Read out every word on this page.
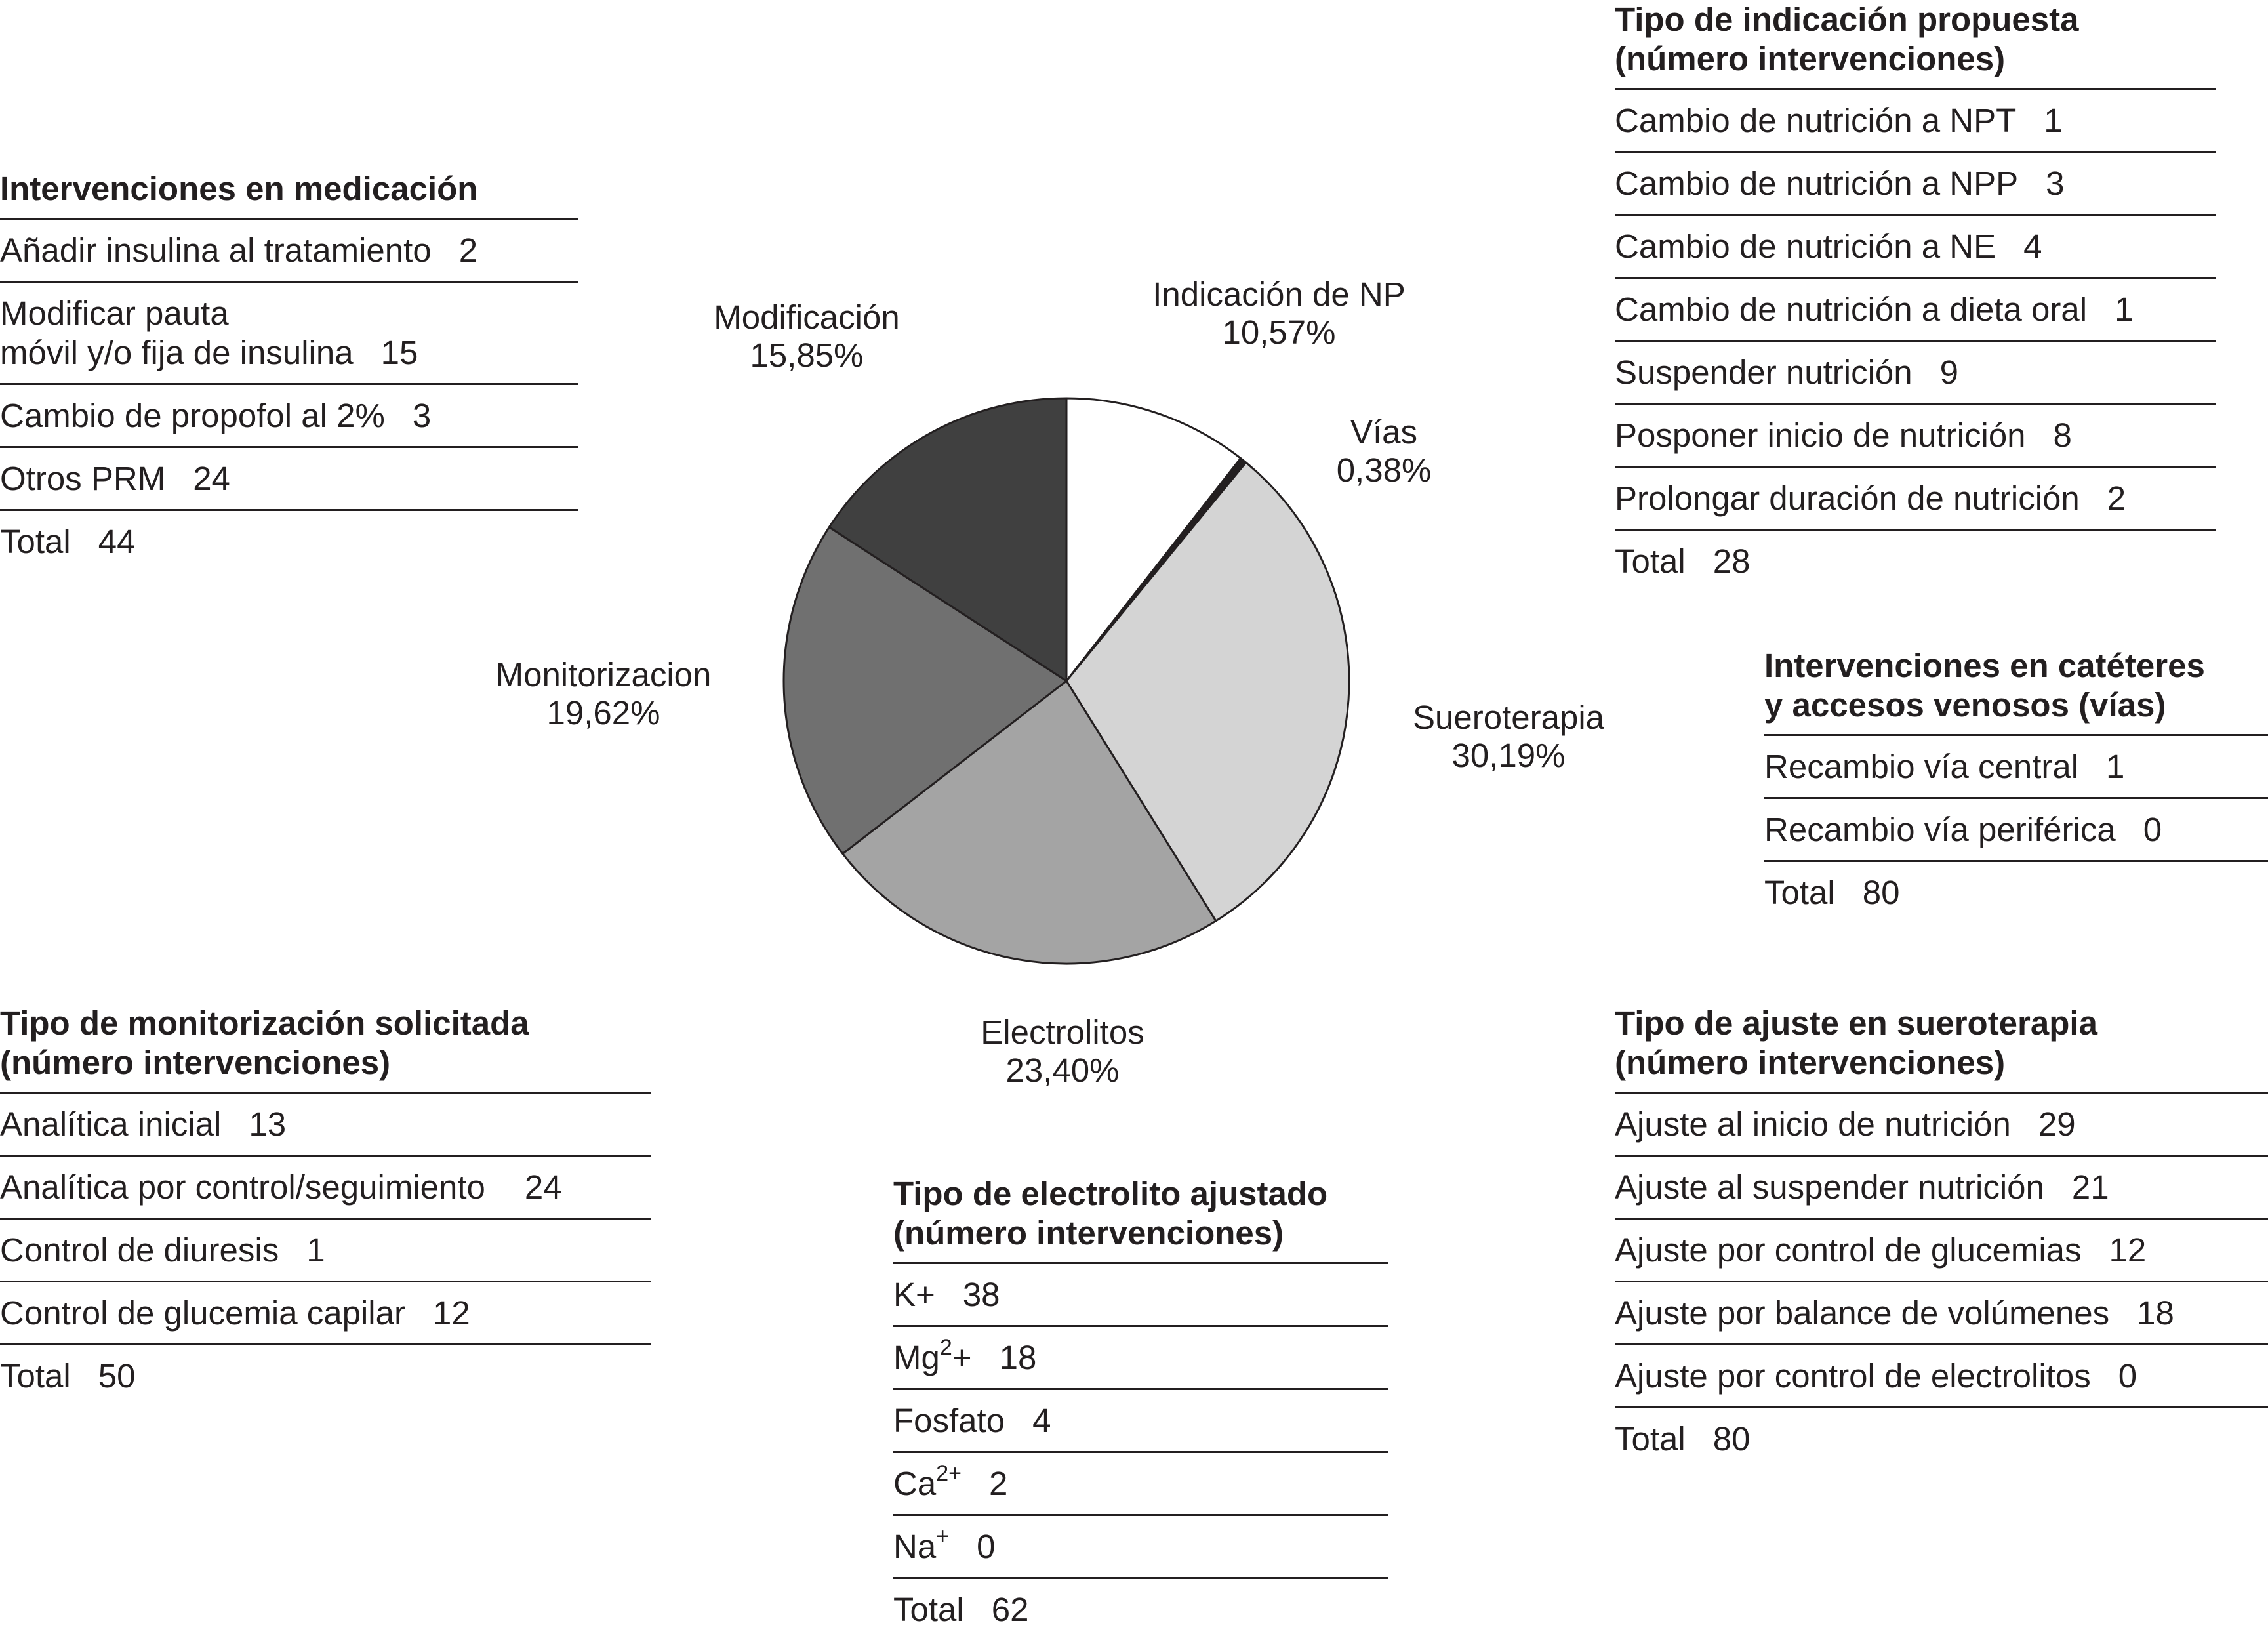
Indicación de NP
10,57%
Vías
0,38%
Sueroterapia
30,19%
Electrolitos
23,40%
Monitorizacion
19,62%
Modificación
15,85%
Intervenciones en medicación
Añadir insulina al tratamiento 2
Modificar pauta
móvil y/o fija de insulina 15
Cambio de propofol al 2% 3
Otros PRM 24
Total 44
Tipo de indicación propuesta
(número intervenciones)
Cambio de nutrición a NPT 1
Cambio de nutrición a NPP 3
Cambio de nutrición a NE 4
Cambio de nutrición a dieta oral 1
Suspender nutrición 9
Posponer inicio de nutrición 8
Prolongar duración de nutrición 2
Total 28
Intervenciones en catéteres
y accesos venosos (vías)
Recambio vía central 1
Recambio vía periférica 0
Total 80
Tipo de monitorización solicitada
(número intervenciones)
Analítica inicial 13
Analítica por control/seguimiento 24
Control de diuresis 1
Control de glucemia capilar 12
Total 50
Tipo de electrolito ajustado
(número intervenciones)
K+ 38
$Mg^2+ 18$
Fosfato 4
$Ca^{2+}$ 2
Na+ 0
Total 62
Tipo de ajuste en sueroterapia
(número intervenciones)
Ajuste al inicio de nutrición 29
Ajuste al suspender nutrición 21
Ajuste por control de glucemias 12
Ajuste por balance de volúmenes 18
Ajuste por control de electrolitos 0
Total 80
